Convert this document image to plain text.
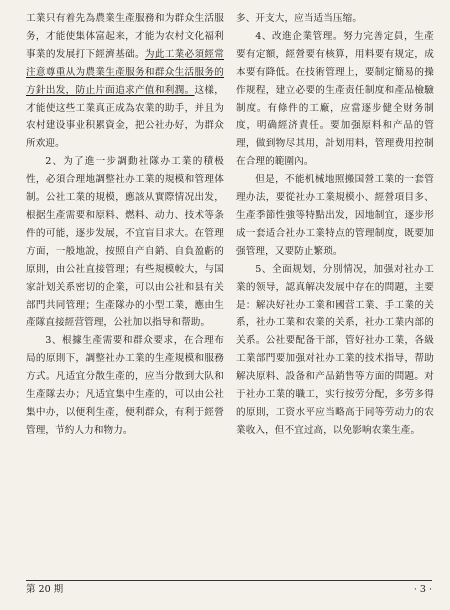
工業只有着先為農業生產服務和为群众生活服务，才能使集体富起来，才能为农村文化福利事業的发展打下經濟基础。为此工業必須經常注意尊重从为農業生產服务和群众生活服务的方針出发，防止片面追求产值和利潤。这樣，才能使这些工業真正成為农業的助手，并且为农村建设事业积累資金，把公社办好，为群众所欢迎。

2、为了進一步調動社隊办工業的積极性，必須合理地調整社办工業的規模和管理体制。公社工業的規模，應該从實際情况出发，根据生產需要和原料、燃料、动力、技术等条件的可能，逐步发展，不宜盲目求大。在管理方面，一般地說，按照自产自銷、自負盈虧的原則，由公社直接管理；有些規模較大，与国家計划关系密切的企業，可以由公社和县有关部門共同管理；生產隊办的小型工業，應由生產隊直接經营管理，公社加以指导和帮助。

3、根據生產需要和群众要求，在合理布局的原則下，調整社办工業的生產規模和服務方式。凡适宜分散生產的，应当分散到大队和生產隊去办；凡适宜集中生產的，可以由公社集中办，以便利生產，便利群众，有利于經營管理，节約人力和物力。

多、开支大，应当适当压缩。

4、改進企業管理。努力完善定員，生產要有定額，經營要有核算，用料要有规定，成本要有降低。在技術管理上，要制定簡易的操作规程，建立必要的生產责任制度和產品檢驗制度。有條件的工廠，应當逐步健全财务制度，明确經济責任。要加强原料和产品的管理，做到物尽其用，計划用料，管理费用控制在合理的範圍內。

但是，不能机械地照搬国營工業的一套管理办法，要從社办工業規模小、經營項目多、生產季節性強等特點出发，因地制宜，逐步形成一套适合社办工業特点的管理制度，既要加强管理，又要防止繁琐。

5、全面规划，分別情况，加强对社办工業的领导，認真解决发展中存在的問題，主要是：解决好社办工業和國营工業、手工業的关系，社办工業和农業的关系，社办工業内部的关系。公社要配备干部，管好社办工業，各級工業部門要加强对社办工業的技术指导，帮助解决原料、設备和产品銷售等方面的問題。对于社办工業的職工，实行按劳分配，多劳多得的原則，工资水平应当略高于同等劳动力的农業收入，但不宜过高，以免影响农業生產。

第 20 期	· 3 ·
